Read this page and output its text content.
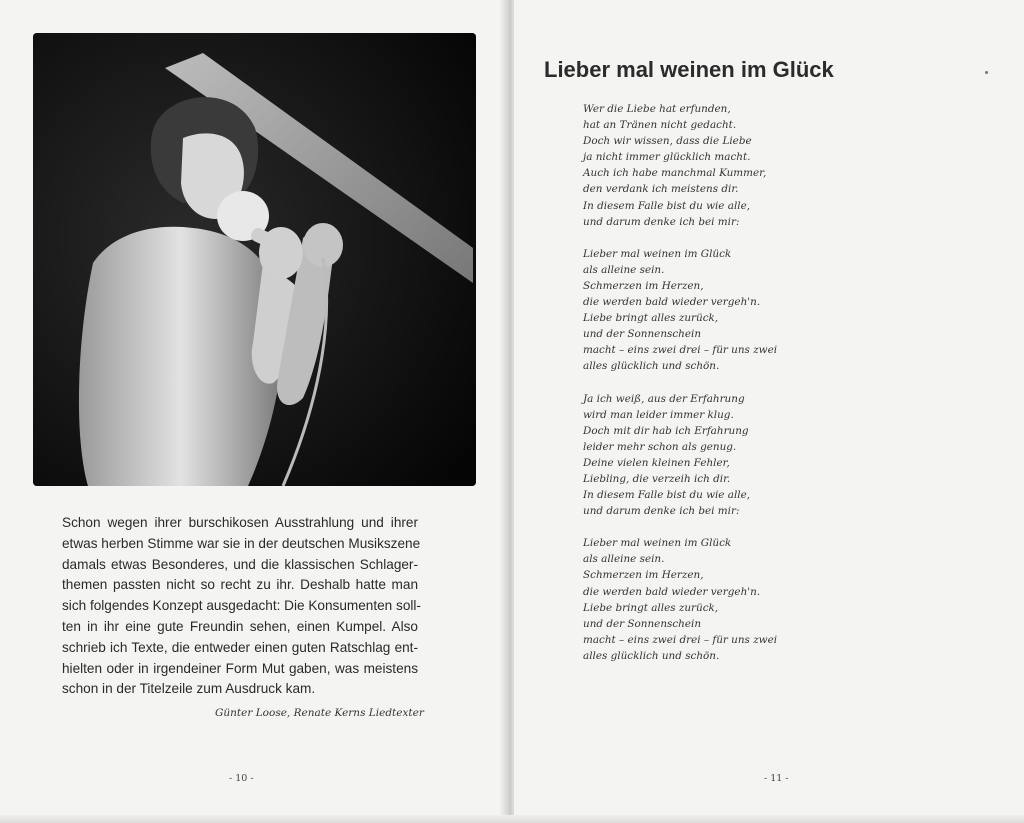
Schon wegen ihrer burschikosen Ausstrahlung und ihrer
etwas herben Stimme war sie in der deutschen Musikszene
damals etwas Besonderes, und die klassischen Schlager-
themen passten nicht so recht zu ihr. Deshalb hatte man
sich folgendes Konzept ausgedacht: Die Konsumenten soll-
ten in ihr eine gute Freundin sehen, einen Kumpel. Also
schrieb ich Texte, die entweder einen guten Ratschlag ent-
hielten oder in irgendeiner Form Mut gaben, was meistens
schon in der Titelzeile zum Ausdruck kam.

Günter Loose, Renate Kerns Liedtexter
- 10 -
Lieber mal weinen im Glück
Wer die Liebe hat erfunden,
hat an Tränen nicht gedacht.
Doch wir wissen, dass die Liebe
ja nicht immer glücklich macht.
Auch ich habe manchmal Kummer,
den verdank ich meistens dir.
In diesem Falle bist du wie alle,
und darum denke ich bei mir:
Lieber mal weinen im Glück
als alleine sein.
Schmerzen im Herzen,
die werden bald wieder vergeh'n.
Liebe bringt alles zurück,
und der Sonnenschein
macht – eins zwei drei – für uns zwei
alles glücklich und schön.
Ja ich weiß, aus der Erfahrung
wird man leider immer klug.
Doch mit dir hab ich Erfahrung
leider mehr schon als genug.
Deine vielen kleinen Fehler,
Liebling, die verzeih ich dir.
In diesem Falle bist du wie alle,
und darum denke ich bei mir:
Lieber mal weinen im Glück
als alleine sein.
Schmerzen im Herzen,
die werden bald wieder vergeh'n.
Liebe bringt alles zurück,
und der Sonnenschein
macht – eins zwei drei – für uns zwei
alles glücklich und schön.
- 11 -
